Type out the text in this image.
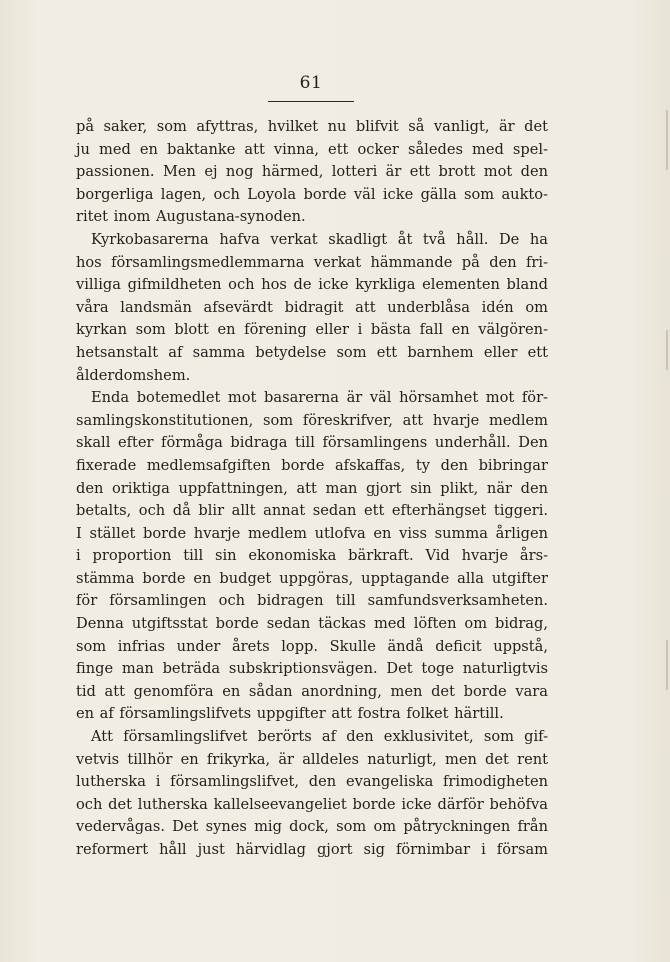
61
på saker, som afyttras, hvilket nu blifvit så vanligt, är det
ju med en baktanke att vinna, ett ocker således med spel-
passionen. Men ej nog härmed, lotteri är ett brott mot den
borgerliga lagen, och Loyola borde väl icke gälla som aukto-
ritet inom Augustana-synoden.
Kyrkobasarerna hafva verkat skadligt åt två håll. De ha
hos församlingsmedlemmarna verkat hämmande på den fri-
villiga gifmildheten och hos de icke kyrkliga elementen bland
våra landsmän afsevärdt bidragit att underblåsa idén om
kyrkan som blott en förening eller i bästa fall en välgören-
hetsanstalt af samma betydelse som ett barnhem eller ett
ålderdomshem.
Enda botemedlet mot basarerna är väl hörsamhet mot för-
samlingskonstitutionen, som föreskrifver, att hvarje medlem
skall efter förmåga bidraga till församlingens underhåll. Den
fixerade medlemsafgiften borde afskaffas, ty den bibringar
den oriktiga uppfattningen, att man gjort sin plikt, när den
betalts, och då blir allt annat sedan ett efterhängset tiggeri.
I stället borde hvarje medlem utlofva en viss summa årligen
i proportion till sin ekonomiska bärkraft. Vid hvarje års-
stämma borde en budget uppgöras, upptagande alla utgifter
för församlingen och bidragen till samfundsverksamheten.
Denna utgiftsstat borde sedan täckas med löften om bidrag,
som infrias under årets lopp. Skulle ändå deficit uppstå,
finge man beträda subskriptionsvägen. Det toge naturligtvis
tid att genomföra en sådan anordning, men det borde vara
en af församlingslifvets uppgifter att fostra folket härtill.
Att församlingslifvet berörts af den exklusivitet, som gif-
vetvis tillhör en frikyrka, är alldeles naturligt, men det rent
lutherska i församlingslifvet, den evangeliska frimodigheten
och det lutherska kallelseevangeliet borde icke därför behöfva
vedervågas. Det synes mig dock, som om påtryckningen från
reformert håll just härvidlag gjort sig förnimbar i försam
